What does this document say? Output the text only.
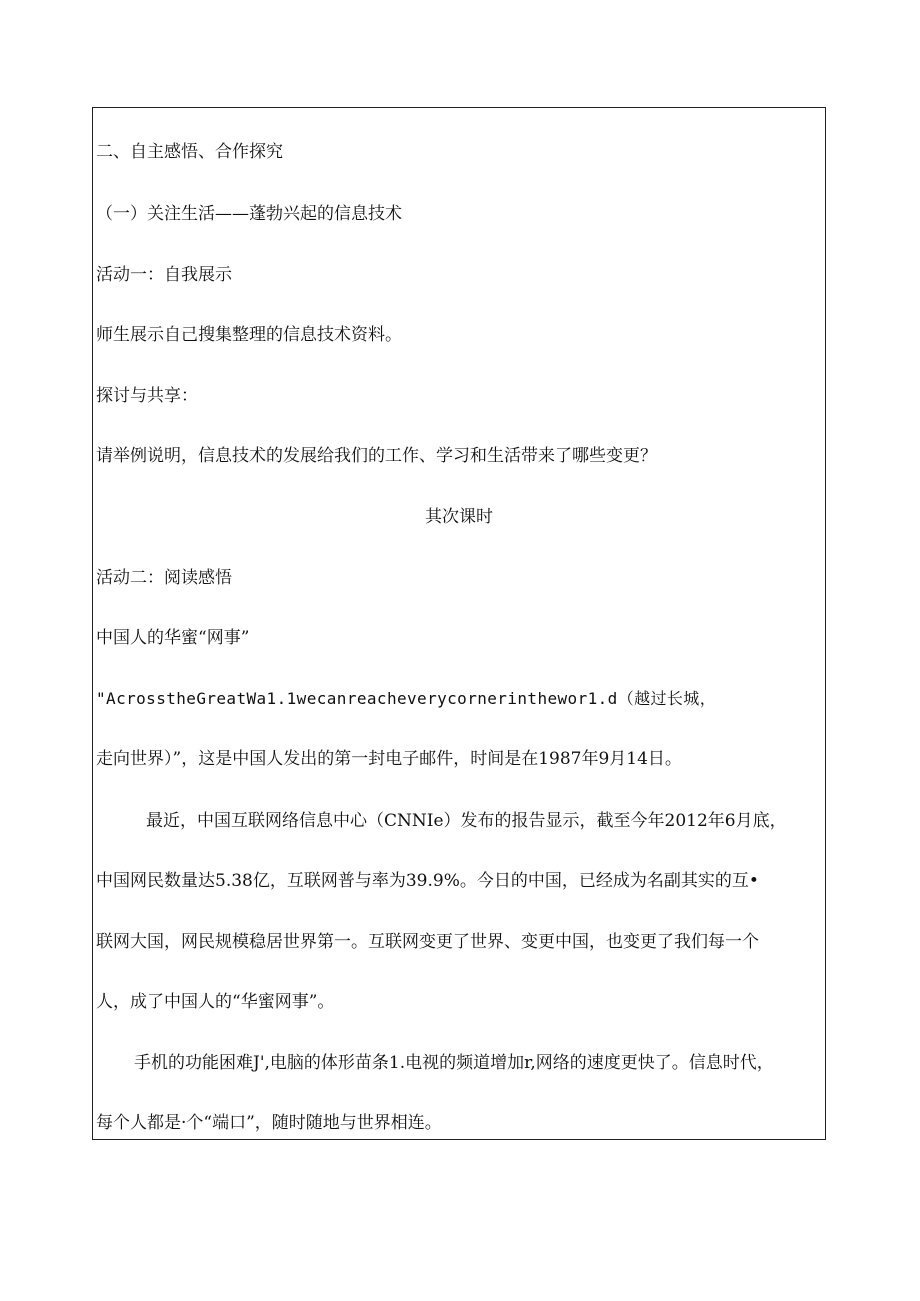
二、自主感悟、合作探究
（一）关注生活——蓬勃兴起的信息技术
活动一：自我展示
师生展示自己搜集整理的信息技术资料。
探讨与共享：
请举例说明，信息技术的发展给我们的工作、学习和生活带来了哪些变更？
其次课时
活动二：阅读感悟
中国人的华蜜“网事”
"AcrosstheGreatWa1.1wecanreacheverycornerinthewor1.d（越过长城，
走向世界）”，这是中国人发出的第一封电子邮件，时间是在1987年9月14日。
最近，中国互联网络信息中心（CNNIe）发布的报告显示，截至今年2012年6月底，
中国网民数量达5.38亿，互联网普与率为39.9%。今日的中国，已经成为名副其实的互•
联网大国，网民规模稳居世界第一。互联网变更了世界、变更中国，也变更了我们每一个
人，成了中国人的“华蜜网事”。
手机的功能困难J',电脑的体形苗条1.电视的频道增加r,网络的速度更快了。信息时代，
每个人都是·个“端口”，随时随地与世界相连。
